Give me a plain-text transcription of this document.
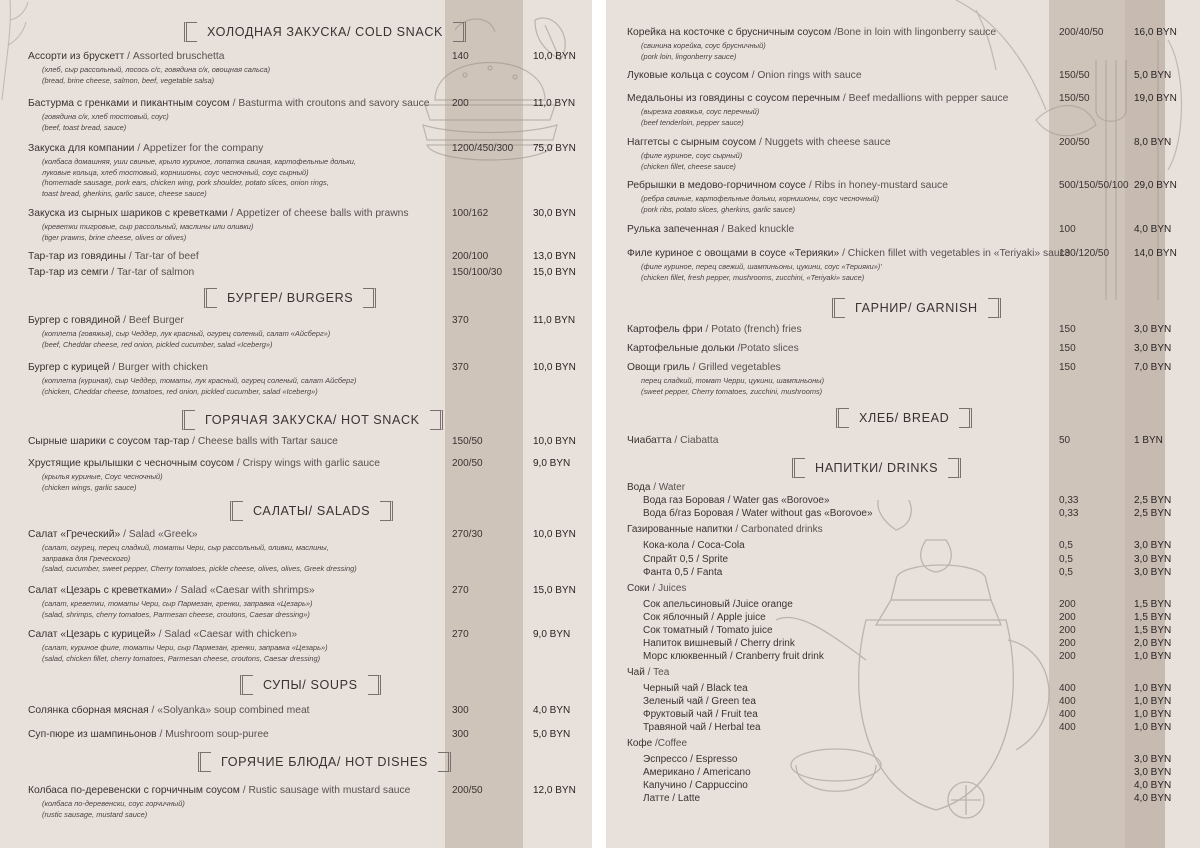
ХОЛОДНАЯ ЗАКУСКА/ COLD SNACK
БУРГЕР/ BURGERS
ГОРЯЧАЯ ЗАКУСКА/ HOT SNACK
САЛАТЫ/ SALADS
СУПЫ/ SOUPS
ГОРЯЧИЕ БЛЮДА/ HOT DISHES
Ассорти из брускетт / Assorted bruschetta
(хлеб, сыр рассольный, лосось с/с, говядина с/к, овощная сальса)
(bread, brine cheese, salmon, beef, vegetable salsa)
140	10,0 BYN
Бастурма с гренками и пикантным соусом / Basturma with croutons and savory sauce
(говядина с/к, хлеб тостовый, соус)
(beef, toast bread, sauce)
200	11,0 BYN
Закуска для компании / Appetizer for the company
(колбаса домашняя, уши свиные, крыло куриное, лопатка свиная, картофельные дольки,
луковые кольца, хлеб тостовый, корнишоны, соус чесночный, соус сырный)
(homemade sausage, pork ears, chicken wing, pork shoulder, potato slices, onion rings,
toast bread, gherkins, garlic sauce, cheese sauce)
1200/450/300 75,0 BYN
Закуска из сырных шариков с креветками / Appetizer of cheese balls with prawns
(креветки тигровые, сыр рассольный, маслины или оливки)
(tiger prawns, brine cheese, olives or olives)
100/162	30,0 BYN
Тар-тар из говядины / Tar-tar of beef	200/100	13,0 BYN
Тар-тар из семги / Tar-tar of salmon	150/100/30	15,0 BYN
Бургер с говядиной / Beef Burger
(котлета (говяжья), сыр Чеддер, лук красный, огурец соленый, салат «Айсберг»)
(beef, Cheddar cheese, red onion, pickled cucumber, salad «Iceberg»)
370	11,0 BYN
Бургер с курицей / Burger with chicken
(котлета (куриная), сыр Чеддер, томаты, лук красный, огурец соленый, салат Айсберг)
(chicken, Cheddar cheese, tomatoes, red onion, pickled cucumber, salad «Iceberg»)
370	10,0 BYN
Сырные шарики с соусом тар-тар / Cheese balls with Tartar sauce	150/50	10,0 BYN
Хрустящие крылышки с чесночным соусом / Crispy wings with garlic sauce
(крылья куриные, Соус чесночный)
(chicken wings, garlic sauce)
200/50	9,0 BYN
Салат «Греческий» / Salad «Greek»
(салат, огурец, перец сладкий, томаты Чери, сыр рассольный, оливки, маслины,
заправка для Греческого)
(salad, cucumber, sweet pepper, Cherry tomatoes, pickle cheese, olives, olives, Greek dressing)
270/30	10,0 BYN
Салат «Цезарь с креветками» / Salad «Caesar with shrimps»
(салат, креветки, томаты Чери, сыр Пармезан, гренки, заправка «Цезарь»)
(salad, shrimps, cherry tomatoes, Parmesan cheese, croutons, Caesar dressing»)
270	15,0 BYN
Салат «Цезарь с курицей» / Salad «Caesar with chicken»
(салат, куриное филе, томаты Чери, сыр Пармезан, гренки, заправка «Цезарь»)
(salad, chicken fillet, cherry tomatoes, Parmesan cheese, croutons, Caesar dressing)
270	9,0 BYN
Солянка сборная мясная / «Solyanka» soup combined meat	300	4,0 BYN
Суп-пюре из шампиньонов / Mushroom soup-puree	300	5,0 BYN
Колбаса по-деревенски с горчичным соусом / Rustic sausage with mustard sauce
(колбаса по-деревенски, соус горчичный)
(rustic sausage, mustard sauce)
200/50	12,0 BYN
ГАРНИР/ GARNISH
ХЛЕБ/ BREAD
НАПИТКИ/ DRINKS
Корейка на косточке с брусничным соусом /Bone in loin with lingonberry sauce
(свинина корейка, соус брусничный)
(pork loin, lingonberry sauce)
200/40/50	16,0 BYN
Луковые кольца с соусом / Onion rings with sauce	150/50	5,0 BYN
Медальоны из говядины с соусом перечным / Beef medallions with pepper sauce
(вырезка говяжья, соус перечный)
(beef tenderloin, pepper sauce)
150/50	19,0 BYN
Наггетсы с сырным соусом / Nuggets with cheese sauce
(филе куриное, соус сырный)
(chicken fillet, cheese sauce)
200/50	8,0 BYN
Ребрышки в медово-горчичном соусе / Ribs in honey-mustard sauce
(ребра свиные, картофельные дольки, корнишоны, соус чесночный)
(pork ribs, potato slices, gherkins, garlic sauce)
500/150/50/100 29,0 BYN
Рулька запеченная / Baked knuckle	100	4,0 BYN
Филе куриное с овощами в соусе «Терияки» / Chicken fillet with vegetables in «Teriyaki» sauce
(филе куриное, перец свежий, шампиньоны, цукини, соус «Терияки»)'
(chicken fillet, fresh pepper, mushrooms, zucchini, «Teriyaki» sauce)
130/120/50 14,0 BYN
Картофель фри / Potato (french) fries	150	3,0 BYN
Картофельные дольки /Potato slices	150	3,0 BYN
Овощи гриль / Grilled vegetables
перец сладкий, томат Черри, цукини, шампиньоны)
(sweet pepper, Cherry tomatoes, zucchini, mushrooms)
150	7,0 BYN
Чиабатта / Ciabatta	50	1 BYN
Вода / Water
Газированные напитки / Carbonated drinks
Соки / Juices
Чай / Tea
Кофе /Coffee
Вода газ Боровая / Water gas «Borovoe»	0,33	2,5 BYN
Вода б/газ Боровая / Water without gas «Borovoe»	0,33	2,5 BYN
Кока-кола / Coca-Cola	0,5	3,0 BYN
Спрайт 0,5 / Sprite	0,5	3,0 BYN
Фанта 0,5 / Fanta	0,5	3,0 BYN
Сок апельсиновый /Juice orange	200	1,5 BYN
Сок яблочный / Apple juice	200	1,5 BYN
Сок томатный / Tomato juice	200	1,5 BYN
Напиток вишневый / Cherry drink	200	2,0 BYN
Морс клюквенный / Cranberry fruit drink	200	1,0 BYN
Черный чай / Black tea	400	1,0 BYN
Зеленый чай / Green tea	400	1,0 BYN
Фруктовый чай / Fruit tea	400	1,0 BYN
Травяной чай / Herbal tea	400	1,0 BYN
Эспрессо / Espresso	3,0 BYN
Американо / Americano	3,0 BYN
Капучино / Cappuccino	4,0 BYN
Латте / Latte	4,0 BYN
